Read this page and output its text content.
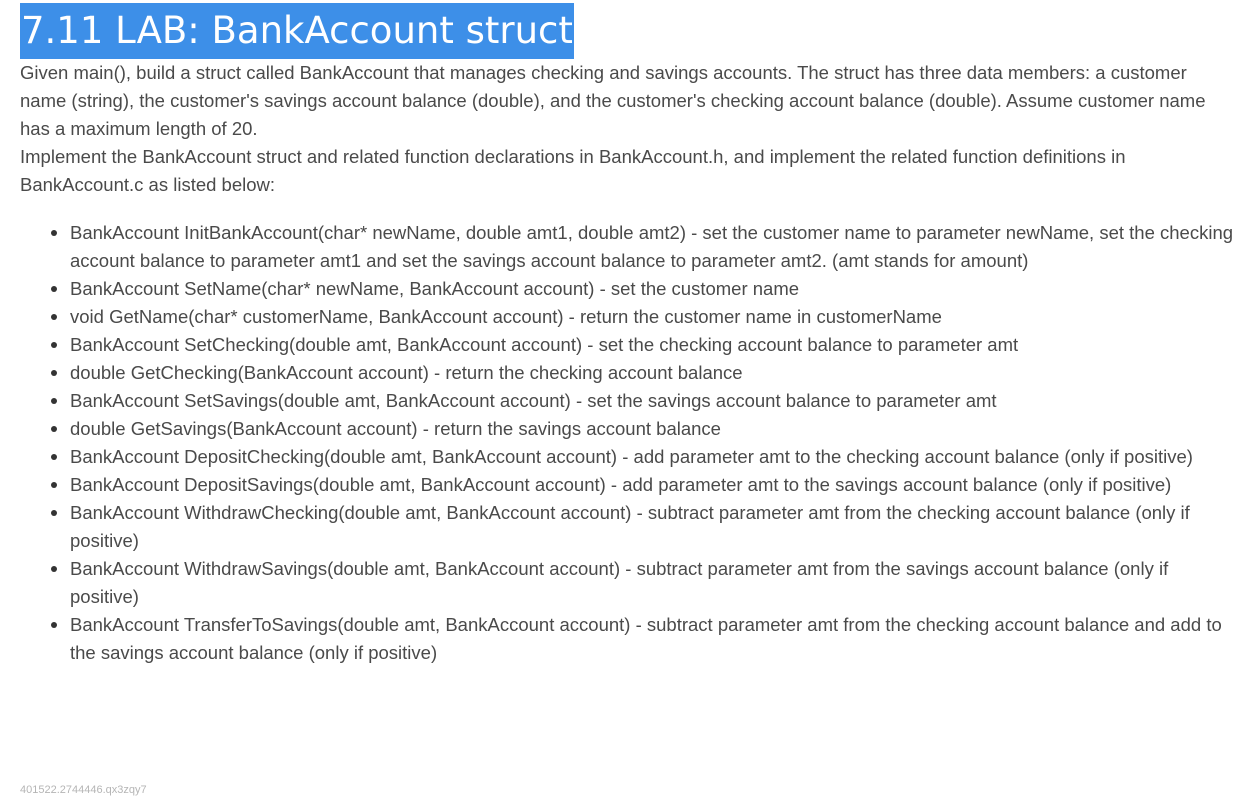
7.11 LAB: BankAccount struct

Given main(), build a struct called BankAccount that manages checking and savings accounts. The struct has three data members: a customer name (string), the customer's savings account balance (double), and the customer's checking account balance (double). Assume customer name has a maximum length of 20.

Implement the BankAccount struct and related function declarations in BankAccount.h, and implement the related function definitions in BankAccount.c as listed below:

BankAccount InitBankAccount(char* newName, double amt1, double amt2) - set the customer name to parameter newName, set the checking account balance to parameter amt1 and set the savings account balance to parameter amt2. (amt stands for amount)
BankAccount SetName(char* newName, BankAccount account) - set the customer name
void GetName(char* customerName, BankAccount account) - return the customer name in customerName
BankAccount SetChecking(double amt, BankAccount account) - set the checking account balance to parameter amt
double GetChecking(BankAccount account) - return the checking account balance
BankAccount SetSavings(double amt, BankAccount account) - set the savings account balance to parameter amt
double GetSavings(BankAccount account) - return the savings account balance
BankAccount DepositChecking(double amt, BankAccount account) - add parameter amt to the checking account balance (only if positive)
BankAccount DepositSavings(double amt, BankAccount account) - add parameter amt to the savings account balance (only if positive)
BankAccount WithdrawChecking(double amt, BankAccount account) - subtract parameter amt from the checking account balance (only if positive)
BankAccount WithdrawSavings(double amt, BankAccount account) - subtract parameter amt from the savings account balance (only if positive)
BankAccount TransferToSavings(double amt, BankAccount account) - subtract parameter amt from the checking account balance and add to the savings account balance (only if positive)
401522.2744446.qx3zqy7
